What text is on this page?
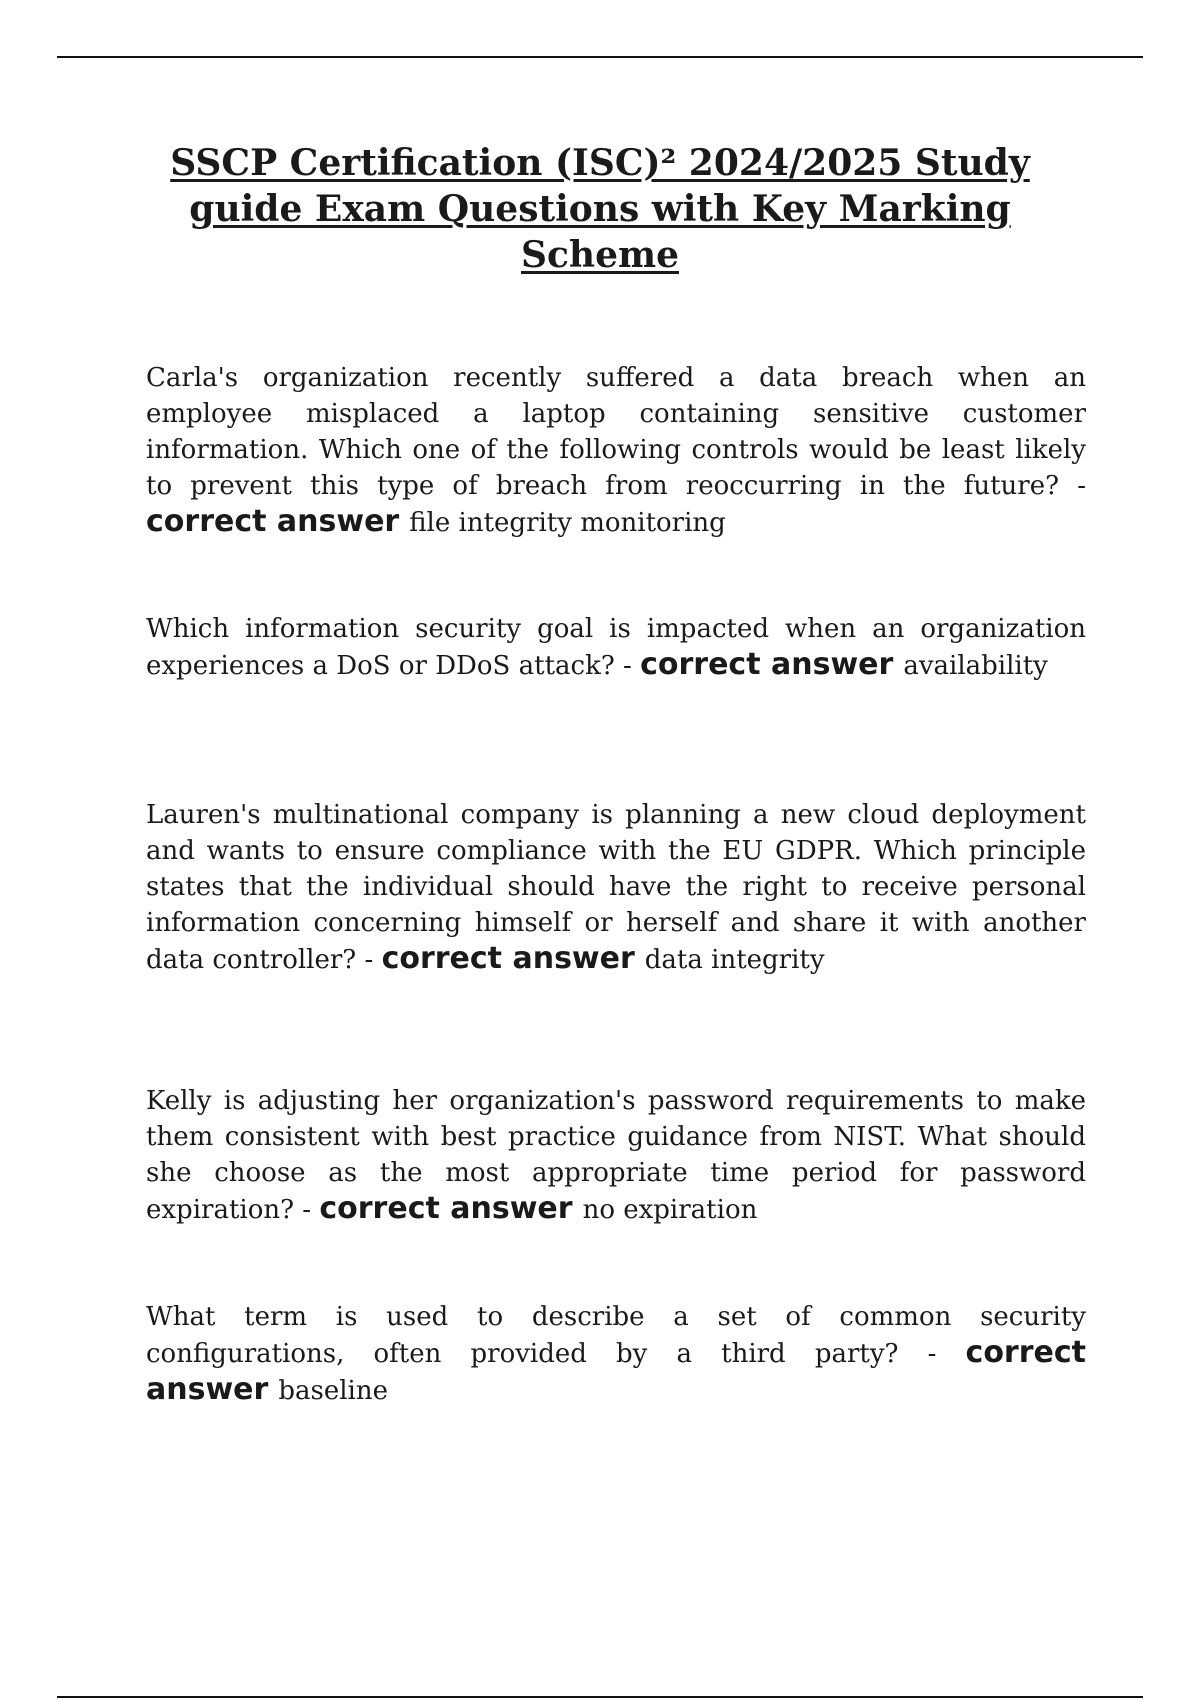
SSCP Certification (ISC)² 2024/2025 Study guide Exam Questions with Key Marking Scheme

Carla's organization recently suffered a data breach when an employee misplaced a laptop containing sensitive customer information. Which one of the following controls would be least likely to prevent this type of breach from reoccurring in the future? - correct answer file integrity monitoring

Which information security goal is impacted when an organization experiences a DoS or DDoS attack? - correct answer availability

Lauren's multinational company is planning a new cloud deployment and wants to ensure compliance with the EU GDPR. Which principle states that the individual should have the right to receive personal information concerning himself or herself and share it with another data controller? - correct answer data integrity

Kelly is adjusting her organization's password requirements to make them consistent with best practice guidance from NIST. What should she choose as the most appropriate time period for password expiration? - correct answer no expiration

What term is used to describe a set of common security configurations, often provided by a third party? - correct answer baseline
